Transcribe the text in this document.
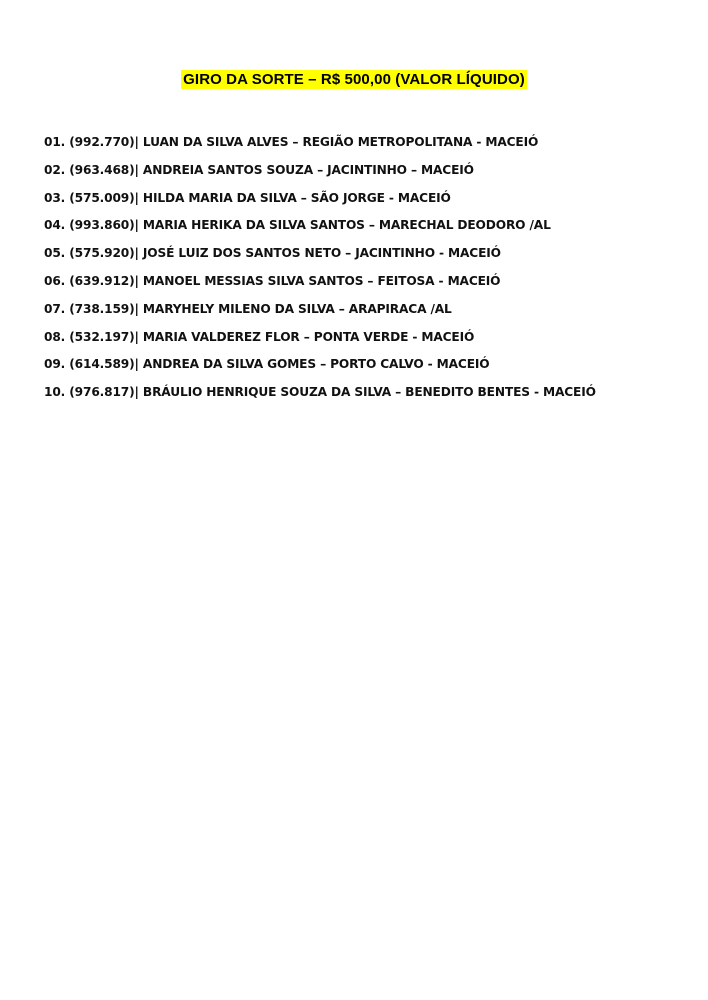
GIRO DA SORTE – R$ 500,00 (VALOR LÍQUIDO)
01. (992.770)| LUAN DA SILVA ALVES – REGIÃO METROPOLITANA - MACEIÓ
02. (963.468)| ANDREIA SANTOS SOUZA – JACINTINHO – MACEIÓ
03. (575.009)| HILDA MARIA DA SILVA – SÃO JORGE - MACEIÓ
04. (993.860)| MARIA HERIKA DA SILVA SANTOS – MARECHAL DEODORO /AL
05. (575.920)| JOSÉ LUIZ DOS SANTOS NETO – JACINTINHO - MACEIÓ
06. (639.912)| MANOEL MESSIAS SILVA SANTOS – FEITOSA - MACEIÓ
07. (738.159)| MARYHELY MILENO DA SILVA – ARAPIRACA /AL
08. (532.197)| MARIA VALDEREZ FLOR – PONTA VERDE - MACEIÓ
09. (614.589)| ANDREA DA SILVA GOMES – PORTO CALVO - MACEIÓ
10. (976.817)| BRÁULIO HENRIQUE SOUZA DA SILVA – BENEDITO BENTES - MACEIÓ
